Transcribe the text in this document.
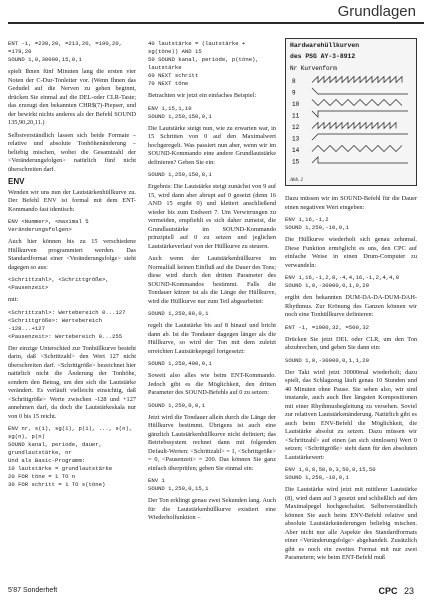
Grundlagen
ENT -1, =239,20, =213,20, =190,20, =179,20
SOUND 1,0,30000,15,0,1

spielt Ihnen fünf Minuten lang die ersten vier Noten der C-Dur-Tonleiter vor. (Wenn Ihnen das Gedudel auf die Nerven zu gehen beginnt, drücken Sie einmal auf die DEL-oder CLR-Taste; das erzeugt den bekannten CHR$(7)-Piepser, und der bewirkt nichts anderes als der Befehl SOUND 135,90,20,11.)

Selbstverständlich lassen sich beide Formate – relative und absolute Tonhöhenänderung – beliebig mischen, wobei die Gesamtzahl der <Veränderungsfolgen> natürlich fünf nicht überschreiten darf.

ENV

Wenden wir uns nun der Lautstärkenhüllkurve zu. Der Befehl ENV ist formal mit dem ENT-Kommando fast identisch:

ENV <Nummer>, <maximal 5 Veränderungsfolgen>

Auch hier können bis zu 15 verschiedene Hüllkurven programmiert werden. Das Standardformat einer <Veränderungsfolge> sieht dagegen so aus:

<Schrittzahl>, <Schrittgröße>, <Pausenzeit>

mit:

<Schrittzahl>: Wertebereich 0...127
<Schrittgröße>: Wertebereich -128...+127
<Pausenzeit>: Wertebereich 0...255

Der einzige Unterschied zur Tonhüllkurve besteht darin, daß <Schrittzahl> den Wert 127 nicht überschreiten darf. <Schrittgröße> bezeichnet hier natürlich nicht die Änderung der Tonhöhe, sondern den Betrag, um den sich die Lautstärke verändert. Es verläuft vielleicht einsichtig, daß <Schrittgröße> Werte zwischen -128 und +127 annehmen darf, da doch die Lautstärkeskala nur von 0 bis 15 reicht.

ENV nr, s(1), sg(1), p(1), ..., s(n), sg(n), p(n)
SOUND kanal, periode, dauer, grundlautstärke, nr
Und als Basic-Programm:
10 lautstärke = grundlautstärke
20 FOR töne = 1 TO n
30 FOR schritt = 1 TO s(töne)
40 lautstärke = (lautstärke + sg(töne)) AND 15
50 SOUND kanal, periode, p(töne), lautstärke
60 NEXT schritt
70 NEXT töne

Betrachten wir jetzt ein einfaches Beispiel:

ENV 1,15,1,10
SOUND 1,250,150,0,1

Die Lautstärke steigt nun, wie zu erwarten war, in 15 Schritten von 0 auf den Maximalwert hochgeregelt. Was passiert nun aber, wenn wir im SOUND-Kommando eine andere Grundlautstärke definieren? Geben Sie ein:

SOUND 1,250,150,8,1

Ergebnis: Die Lautstärke steigt zunächst von 9 auf 15, wird dann aber abrupt auf 0 gesetzt (denn 16 AND 15 ergibt 0) und klettert anschließend wieder bis zum Endwert 7. Um Verwirrungen zu vermeiden, empfiehlt es sich daher zumeist, die Grundlautstärke im SOUND-Kommando prinzipiell auf 0 zu setzen und jeglichen Lautstärkeverlauf von der Hüllkurve zu steuern.

Auch wenn der Lautstärkenhüllkurve im Normalfall keinen Einfluß auf die Dauer des Tons; diese wird durch den dritten Parameter des SOUND-Kommandos bestimmt. Falls die Tondauer kürzer ist als die Länge der Hüllkurve, wird die Hüllkurve nur zum Teil abgearbeitet:

SOUND 1,250,80,0,1

regelt die Lautstärke bis auf 8 hinauf und bricht dann ab. Ist die Tondauer dagegen länger als die Hüllkurve, so wird der Ton mit dem zuletzt erreichten Lautstärkepegel fortgesetzt:

SOUND 1,250,400,0,1

Soweit also alles wie beim ENT-Kommando. Jedoch gibt es die Möglichkeit, den dritten Parameter des SOUND-Befehls auf 0 zu setzen:

SOUND 1,250,0,0,1

Jetzt wird die Tondauer allein durch die Länge der Hüllkurve bestimmt. Übrigens ist auch eine gänzlich Lautstärkenhüllkurve nicht definiert; das Betriebssystem rechnet dann mit folgenden Default-Werten: <Schrittzahl> = 1, <Schrittgröße> = 0, <Pausenzeit> = 200. Das können Sie ganz einfach überprüfen; geben Sie einmal ein:

ENV 1
SOUND 1,250,0,15,1

Der Ton erklingt genau zwei Sekunden lang. Auch für die Lautstärkenhüllkurve existiert eine Wiederholfunktion –

Hardwarehüllkurven
des PSG AY-3-8912
Nr Kurvenform
8
9
10
11
12
13
14
15
Abb. 2

Dazu müssen wir im SOUND-Befehl für die Dauer einen negativen Wert eingeben:

ENV 1,16,-1,2
SOUND 1,250,-10,0,1

Die Hüllkurve wiederholt sich genau zehnmal. Diese Funktion ermöglicht es uns, den CPC auf einfache Weise in einen Drum-Computer zu verwandeln:

ENV 1,16,-1,2,8,-4,4,16,-1,2,4,4,8
SOUND 1,0,-30000,0,1,0,20

ergibt den bekannten DUM-DA-DA-DUM-DAH-Rhythmus. Zur Krönung des Ganzen können wir noch eine Tonhüllkurve definieren:

ENT -1, =1000,32, =500,32

Drücken Sie jetzt DEL oder CLR, um den Ton abzubrechen, und geben Sie dann ein:

SOUND 1,0,-30000,0,1,1,20

Der Takt wird jetzt 30000mal wiederholt; dazu spielt, das Schlagzeug läuft genau 10 Stunden und 40 Minuten ohne Pause. Sie sehen also, wir sind imstande, auch auch Ihre längsten Kompositionen mit einer Rhythmusbegleitung zu versehen. Soviel zur relativen Lautstärkenänderung. Natürlich gibt es auch beim ENV-Befehl die Möglichkeit, die Lautstärke absolut zu setzen. Dazu müssen wir <Schrittzahl> auf einen (an sich sinnlosen) Wert 0 setzen; <Schrittgröße> steht dann für den absoluten Lautstärkewert:

ENV 1,0,8,50,0,3,50,0,15,50
SOUND 1,250,-10,0,1

Die Lautstärke wird jetzt mit mittlerer Lautstärke (8), wird dann auf 3 gesetzt und schließlich auf den Maximalpegel hochgeschaltet. Selbstverständlich können Sie auch beim ENV-Befehl relative und absolute Lautstärkeänderungen beliebig mischen. Aber nicht nur alle Aspekte des Standardformats einer <Veränderungsfolge> abgehandelt. Zusätzlich gibt es noch ein zweites Format mit nur zwei Parametern; wie beim ENT-Befehl muß

5'87 Sonderheft	CPC 23
